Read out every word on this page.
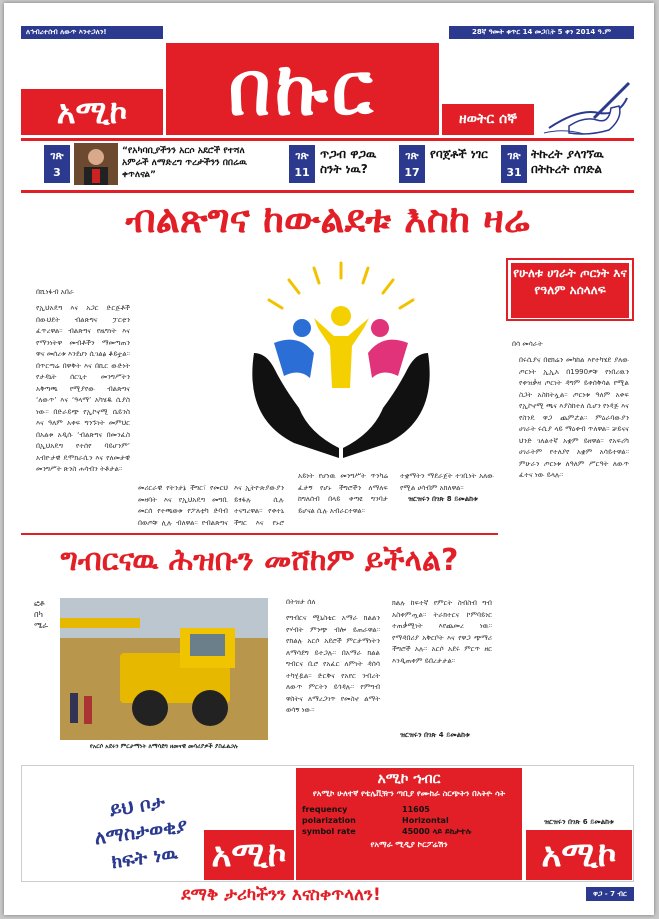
ለኅብረተሰብ ለውጥ እንተጋለን!	28ኛ ዓመት ቁጥር 14 መጋቢት 5 ቀን 2014 ዓ.ም
አሚኮ	በኩር	ዘወትር ሰኞ
ገጽ
3
“የአካባቢያችንን አርሶ አደሮች የተሻለ አምራች ለማድረግ ጥረታችንን በበሬዉ ቀጥለናል”
ገጽ
11
ጥጋብ ዋጋዉ ስንት ነዉ?
ገጽ
17
የባጀቶች ነገር	ገጽ
31
ትኩረት ያላገኘዉ በትኩረት ሰገድል
ብልጽግና ከውልደቱ እስከ ዛሬ
በሺነፋብ አበራ
የኢህአዴግ እና አጋር ድርጅቶች በውህደት ብልጽግና ፓርቲን ፈጥረዋል። ብልጽግና የዜግነት እና የማንነትዋ መብቶችን ማመጣጠን ዋና መሰረቱ እንደሆነ ሲገልፅ ቆይቷል። በጥርጣሬ በዋቅት እና በኪር ውድነት የታዳኒት ሰርጊተ መንግሥትን አቅጣጫ የሚያየው ብልጽግና ‘ለውጥ’ እና ‘ዓላማ’ አካሄዱ ሲያስ ነው። በድራይጭ የኢኮኖሚ ሴይንስ እና ዓለም አቀፍ ግንኙነት መምህር በአልቱ አዲሱ ‘ብልጽግና በመንፈስ በኢህአዴግ የተሰየ ባይሆንም’ አብዮታዊ ዴሞክራሲን እና የለመታዊ መንግሥት ጽንስ ሐሳብን ትቶታል።
እና ኢትዮጵያውያን ይፃፋሉ ሲሉ ተናግረዋል። የቀተኒ ችግር እና የኑሮ
አይነት የሆነዉ መንግሥት ጥንካሬ ፈታኝ የሆኑ ችግሮችን ለማለፍ ከግለሰብ በላይ ቀጣዩ ግንባታ ይሆናል ሲሉ አብራርተዋል።
ተቋማትን ማደራጀት ተገቢነት አለው የሚል ሀሳብም አክለዋል።
መሪርራዊ የትንታኔ ችግር፣ የመርህ መዛባት እና የኢህአዴግ መግቢ መርሰ የተጫወቱ የፖለቲካ ድባብ በወጦቹ ሊሉ ብለዋል። የብልጽግና
ዝርዝሩን በገጽ 8 ይመልከቱ
የሁለቱ ሀገራት ጦርነት እና የዓለም አሰላለፍ
በሳ መሳራት
በሩሲያና በዩክሬን መካከል እየተካሄደ ያለው ጦርነት ኢኢአ በ1990ዎቹ የነበረዉን የቀዝቃዛ ጦርነት ዳግም ይቀሰቅሳል የሚል ስጋት አስከትሏል። ጦርነቱ ዓለም አቀፍ የኢኮኖሚ ጫና እያስከተለ ሲሆን የነዳጅ እና የስንዴ ዋጋ ጨምሯል። ምዕራባውያን ሀገራት ሩሲያ ላይ ማዕቀብ ጥለዋል። ቻይናና ህንድ ገለልተኛ አቋም ይዘዋል። የአፍሪካ ሀገራትም የተለያየ አቋም አሳይተዋል። ምሁራን ጦርነቱ ለዓለም ሥርዓት ለውጥ ፈተና ነው ይላሉ።
ዝርዝሩን በገጽ 6 ይመልከቱ
ግብርናዉ ሕዝቡን መሸከም ይችላል?
ፎቶ በካሜራ
የአርሶ አደሩን ምርታማነት ለማሳደግ ዘመናዊ መሳሪያዎች ያስፈልጋሉ
በትዝታ ሰለ
የግብርና ሚኒስቴር አማራ ክልልን የሃብት ምንጭ ብሎ ይጠራዋል። የክልሉ አርሶ አደሮች ምርታማነትን ለማሳደግ ይተጋሉ። በአማራ ክልል ግብርና ቢሮ የአፈር ለምነት ዳሰሳ ተካሂዷል። ድርቅና የአየር ንብረት ለውጥ ምርትን ይጎዳሉ። የምግብ ዋስትና ለማረጋገጥ የመስኖ ልማት ወሳኝ ነው።
ክልሉ ከፍተኛ የምርት ስብስብ ግብ አስቀምጧል። ትራክተርና ኮምባይነር ተጠቃሚነት እየጨመረ ነዉ። የማዳበሪያ አቅርቦት እና የዋጋ ጭማሪ ችግሮች አሉ። አርሶ አደሩ ምርጥ ዘር እንዲጠቀም ይበረታታል።
ዝርዝሩን በገጽ 4 ይመልከቱ
ይህ ቦታ
ለማስታወቂያ
ክፍት ነዉ አሚኮ
አሚኮ ኀብር
የአሚኮ ሁለተኛ የቴሌቪዥን ጣቢያ የሙከራ ስርጭትን በአትዮ ሳት
frequency	11605
polarization	Horizontal
symbol rate	45000 ላይ ይከታተሉ
የአማራ ሚዲያ ኮርፖሬሽን	አሚኮ
ደማቅ ታሪካችንን እናስቀጥላለን!	ዋጋ - 7 ብር
